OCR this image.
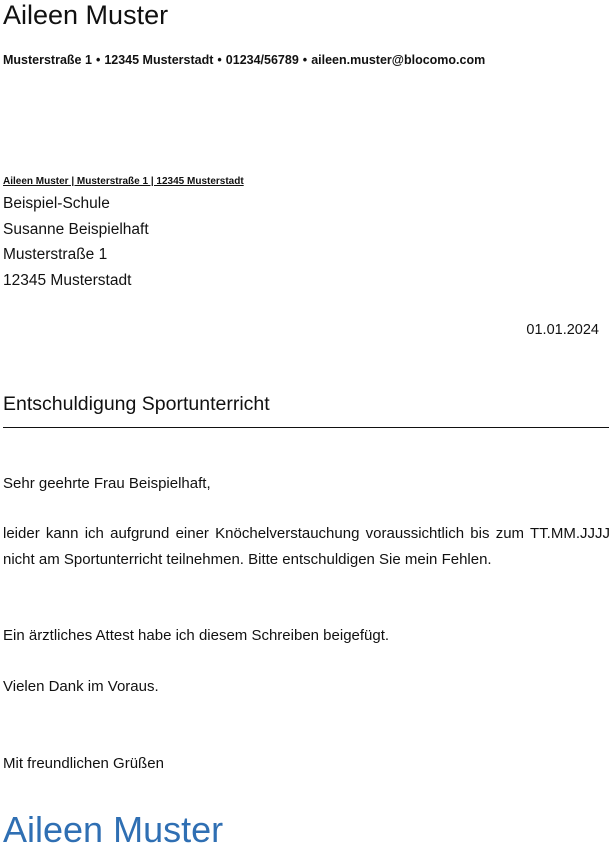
Aileen Muster
Musterstraße 1 • 12345 Musterstadt • 01234/56789 • aileen.muster@blocomo.com
Aileen Muster | Musterstraße 1 | 12345 Musterstadt
Beispiel-Schule
Susanne Beispielhaft
Musterstraße 1
12345 Musterstadt
01.01.2024
Entschuldigung Sportunterricht

Sehr geehrte Frau Beispielhaft,

leider kann ich aufgrund einer Knöchelverstauchung voraussichtlich bis zum TT.MM.JJJJ nicht am Sportunterricht teilnehmen. Bitte entschuldigen Sie mein Fehlen.

Ein ärztliches Attest habe ich diesem Schreiben beigefügt.

Vielen Dank im Voraus.

Mit freundlichen Grüßen

Aileen Muster
